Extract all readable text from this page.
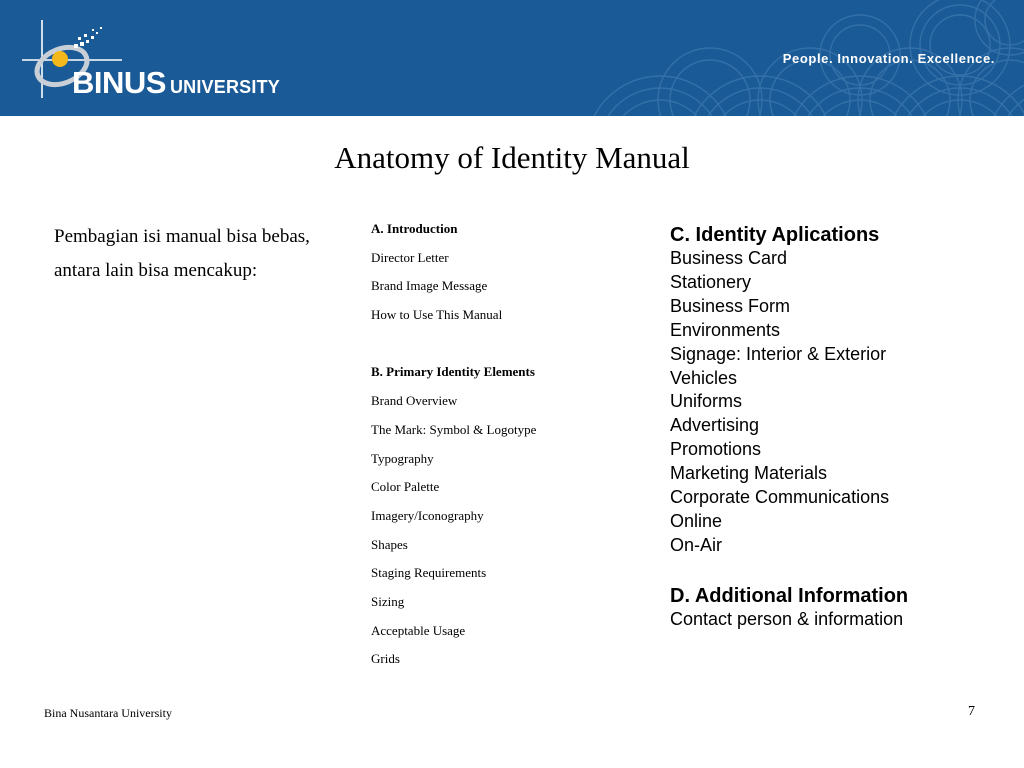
BINUS UNIVERSITY
People. Innovation. Excellence.
Anatomy of Identity Manual
Pembagian isi manual bisa bebas, antara lain bisa mencakup:
A. Introduction
Director Letter
Brand Image Message
How to Use This Manual
B. Primary Identity Elements
Brand Overview
The Mark: Symbol & Logotype
Typography
Color Palette
Imagery/Iconography
Shapes
Staging Requirements
Sizing
Acceptable Usage
Grids
C. Identity Aplications
Business Card
Stationery
Business Form
Environments
Signage: Interior & Exterior
Vehicles
Uniforms
Advertising
Promotions
Marketing Materials
Corporate Communications
Online
On-Air
D. Additional Information
Contact person & information
Bina Nusantara University	7
